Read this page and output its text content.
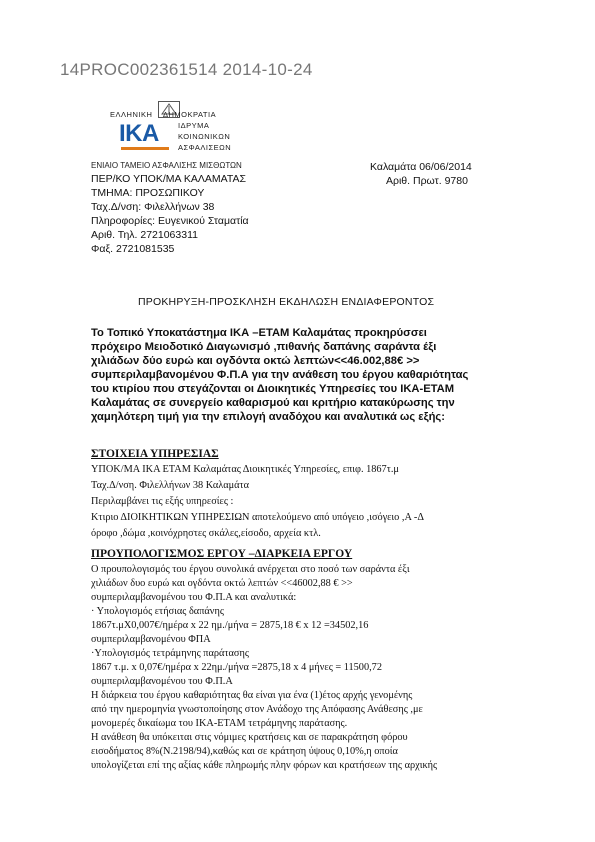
14PROC002361514 2014-10-24
ΕΛΛΗΝΙΚΗ ΔΗΜΟΚΡΑΤΙΑ
ΙΔΡΥΜΑ
ΚΟΙΝΩΝΙΚΩΝ
ΑΣΦΑΛΙΣΕΩΝ
ΙΚΑ
ΕΝΙΑΙΟ ΤΑΜΕΙΟ ΑΣΦΑΛΙΣΗΣ ΜΙΣΘΩΤΩΝ
ΠΕΡ/ΚΟ ΥΠΟΚ/ΜΑ ΚΑΛΑΜΑΤΑΣ
ΤΜΗΜΑ: ΠΡΟΣΩΠΙΚΟΥ
Ταχ.Δ/νση: Φιλελλήνων 38
Πληροφορίες: Ευγενικού Σταματία
Αριθ. Τηλ. 2721063311
Φαξ. 2721081535
Καλαμάτα 06/06/2014
Αριθ. Πρωτ. 9780
ΠΡΟΚΗΡΥΞΗ-ΠΡΟΣΚΛΗΣΗ ΕΚΔΗΛΩΣΗ ΕΝΔΙΑΦΕΡΟΝΤΟΣ
Το Τοπικό Υποκατάστημα ΙΚΑ –ΕΤΑΜ Καλαμάτας προκηρύσσει
πρόχειρο Μειοδοτικό Διαγωνισμό ,πιθανής δαπάνης σαράντα έξι
χιλιάδων δύο ευρώ και ογδόντα οκτώ λεπτών<<46.002,88€ >>
συμπεριλαμβανομένου Φ.Π.Α για την ανάθεση του έργου καθαριότητας
του κτιρίου που στεγάζονται οι Διοικητικές Υπηρεσίες του ΙΚΑ-ΕΤΑΜ
Καλαμάτας σε συνεργείο καθαρισμού και κριτήριο κατακύρωσης την
χαμηλότερη τιμή για την επιλογή αναδόχου και αναλυτικά ως εξής:
ΣΤΟΙΧΕΙΑ ΥΠΗΡΕΣΙΑΣ
ΥΠΟΚ/ΜΑ ΙΚΑ ΕΤΑΜ Καλαμάτας Διοικητικές Υπηρεσίες, επιφ. 1867τ.μ
Ταχ.Δ/νση. Φιλελλήνων 38 Καλαμάτα
Περιλαμβάνει τις εξής υπηρεσίες :
Κτιριο ΔΙΟΙΚΗΤΙΚΩΝ ΥΠΗΡΕΣΙΩΝ αποτελούμενο από υπόγειο ,ισόγειο ,Α -Δ
όροφο ,δώμα ,κοινόχρηστες σκάλες,είσοδο, αρχεία κτλ.
ΠΡΟΥΠΟΛΟΓΙΣΜΟΣ ΕΡΓΟΥ –ΔΙΑΡΚΕΙΑ ΕΡΓΟΥ
Ο προυπολογισμός του έργου συνολικά ανέρχεται στο ποσό των σαράντα έξι
χιλιάδων δυο ευρώ και ογδόντα οκτώ λεπτών <<46002,88 € >>
συμπεριλαμβανομένου του Φ.Π.Α και αναλυτικά:
· Υπολογισμός ετήσιας δαπάνης
1867τ.μΧ0,007€/ημέρα x 22 ημ./μήνα = 2875,18 € x 12 =34502,16
συμπεριλαμβανομένου ΦΠΑ
·Υπολογισμός τετράμηνης παράτασης
1867 τ.μ. x 0,07€/ημέρα x 22ημ./μήνα =2875,18 x 4 μήνες = 11500,72
συμπεριλαμβανομένου του Φ.Π.Α
Η διάρκεια του έργου καθαριότητας θα είναι για ένα (1)έτος αρχής γενομένης
από την ημερομηνία γνωστοποίησης στον Ανάδοχο της Απόφασης Ανάθεσης ,με
μονομερές δικαίωμα του ΙΚΑ-ΕΤΑΜ τετράμηνης παράτασης.
Η ανάθεση θα υπόκειται στις νόμιμες κρατήσεις και σε παρακράτηση φόρου
εισοδήματος 8%(Ν.2198/94),καθώς και σε κράτηση ύψους 0,10%,η οποία
υπολογίζεται επί της αξίας κάθε πληρωμής πλην φόρων και κρατήσεων της αρχικής
